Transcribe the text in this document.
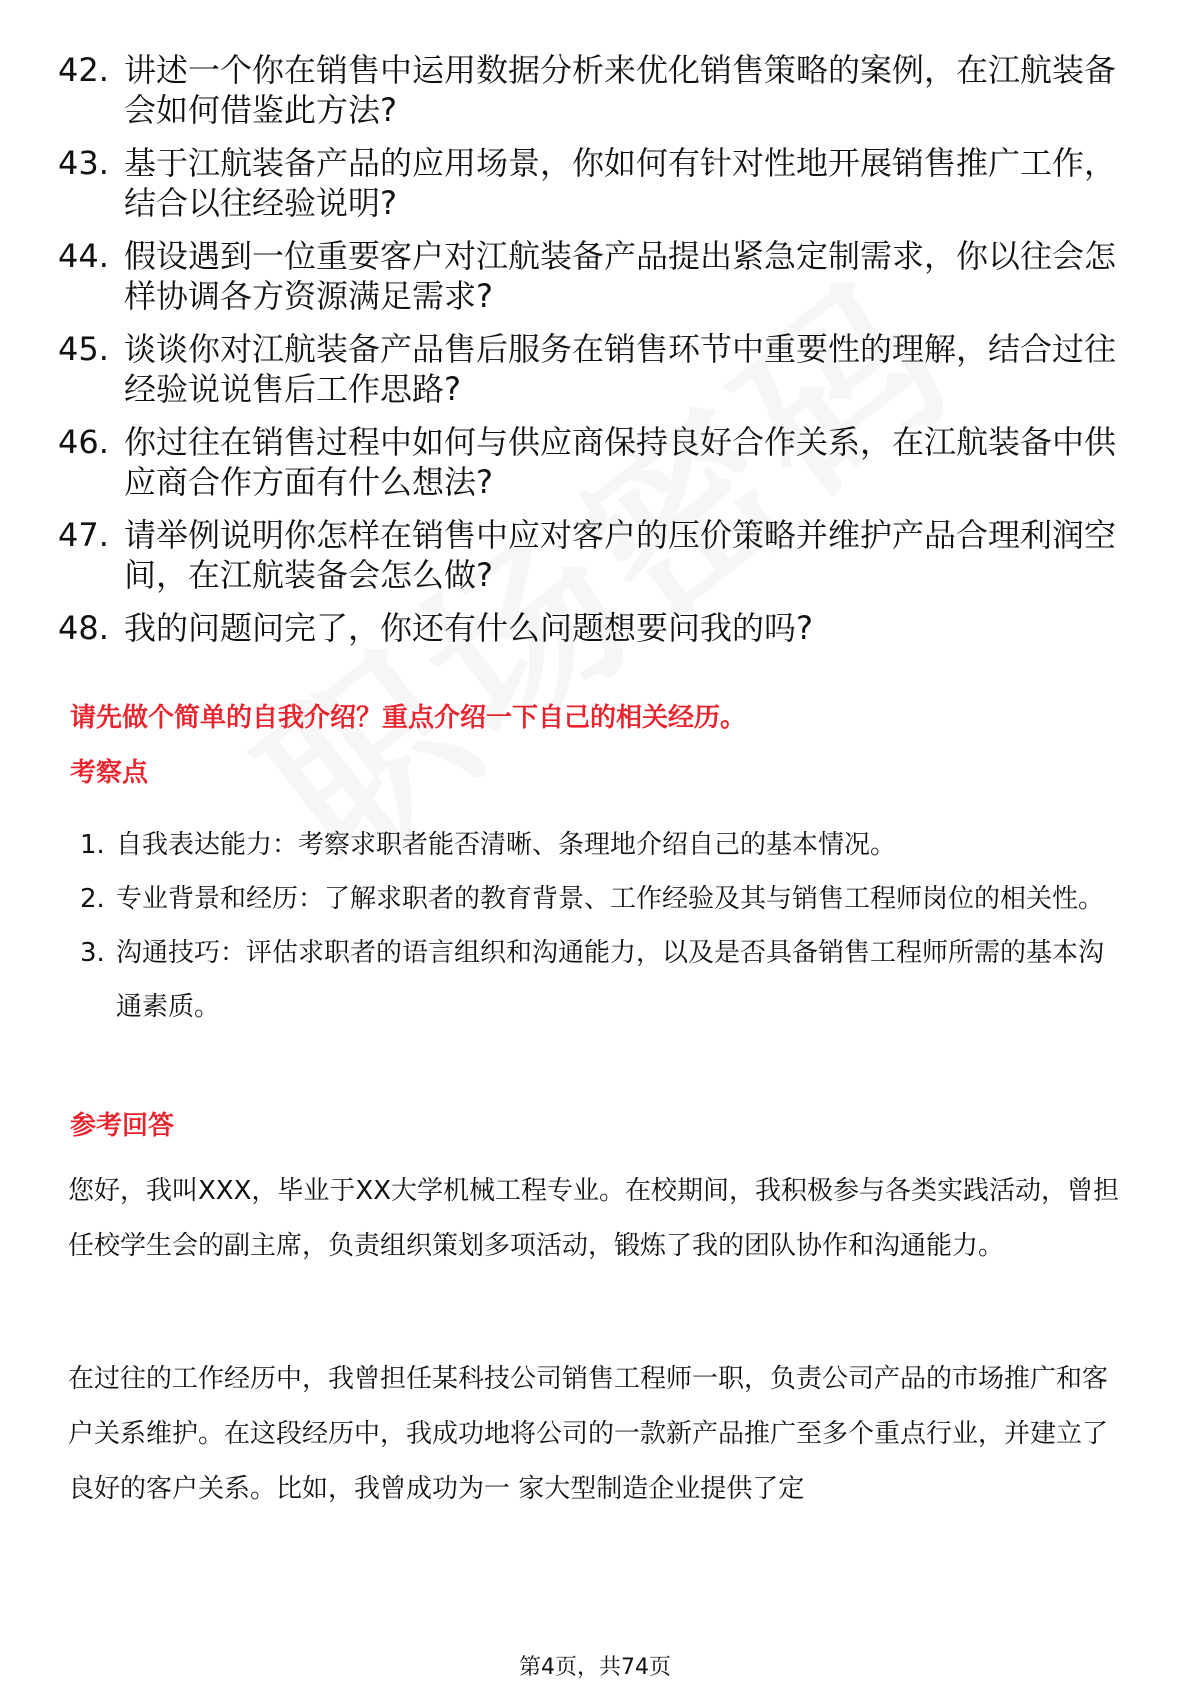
42. 讲述一个你在销售中运用数据分析来优化销售策略的案例，在江航装备会如何借鉴此方法?
43. 基于江航装备产品的应用场景，你如何有针对性地开展销售推广工作，结合以往经验说明?
44. 假设遇到一位重要客户对江航装备产品提出紧急定制需求，你以往会怎样协调各方资源满足需求?
45. 谈谈你对江航装备产品售后服务在销售环节中重要性的理解，结合过往经验说说售后工作思路?
46. 你过往在销售过程中如何与供应商保持良好合作关系，在江航装备中供应商合作方面有什么想法?
47. 请举例说明你怎样在销售中应对客户的压价策略并维护产品合理利润空间，在江航装备会怎么做?
48. 我的问题问完了，你还有什么问题想要问我的吗?
请先做个简单的自我介绍？重点介绍一下自己的相关经历。
考察点
1. 自我表达能力：考察求职者能否清晰、条理地介绍自己的基本情况。
2. 专业背景和经历：了解求职者的教育背景、工作经验及其与销售工程师岗位的相关性。
3. 沟通技巧：评估求职者的语言组织和沟通能力，以及是否具备销售工程师所需的基本沟通素质。
参考回答

您好，我叫XXX，毕业于XX大学机械工程专业。在校期间，我积极参与各类实践活动，曾担任校学生会的副主席，负责组织策划多项活动，锻炼了我的团队协作和沟通能力。

在过往的工作经历中，我曾担任某科技公司销售工程师一职，负责公司产品的市场推广和客户关系维护。在这段经历中，我成功地将公司的一款新产品推广至多个重点行业，并建立了良好的客户关系。比如，我曾成功为一 家大型制造企业提供了定

第4页，共74页
